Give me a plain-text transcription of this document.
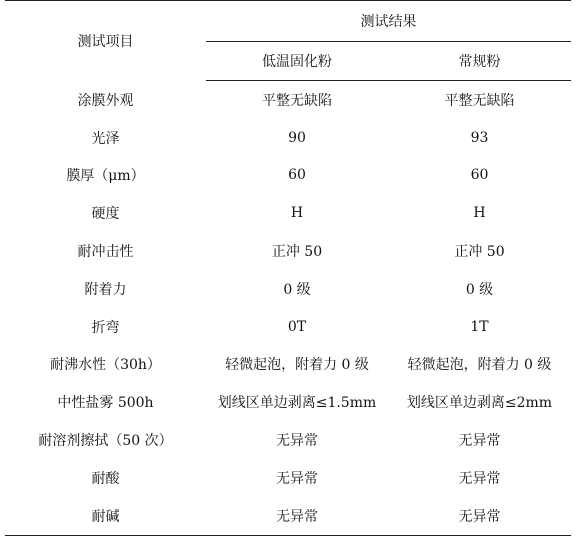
测试项目	测试结果	
	低温固化粉	常规粉
涂膜外观	平整无缺陷	平整无缺陷
光泽	90	93
膜厚（μm）	60	60
硬度	H	H
耐冲击性	正冲 50	正冲 50
附着力	0 级	0 级
折弯	0T	1T
耐沸水性（30h）	轻微起泡，附着力 0 级	轻微起泡，附着力 0 级
中性盐雾 500h	划线区单边剥离≤1.5mm	划线区单边剥离≤2mm
耐溶剂擦拭（50 次）	无异常	无异常
耐酸	无异常	无异常
耐碱	无异常	无异常
